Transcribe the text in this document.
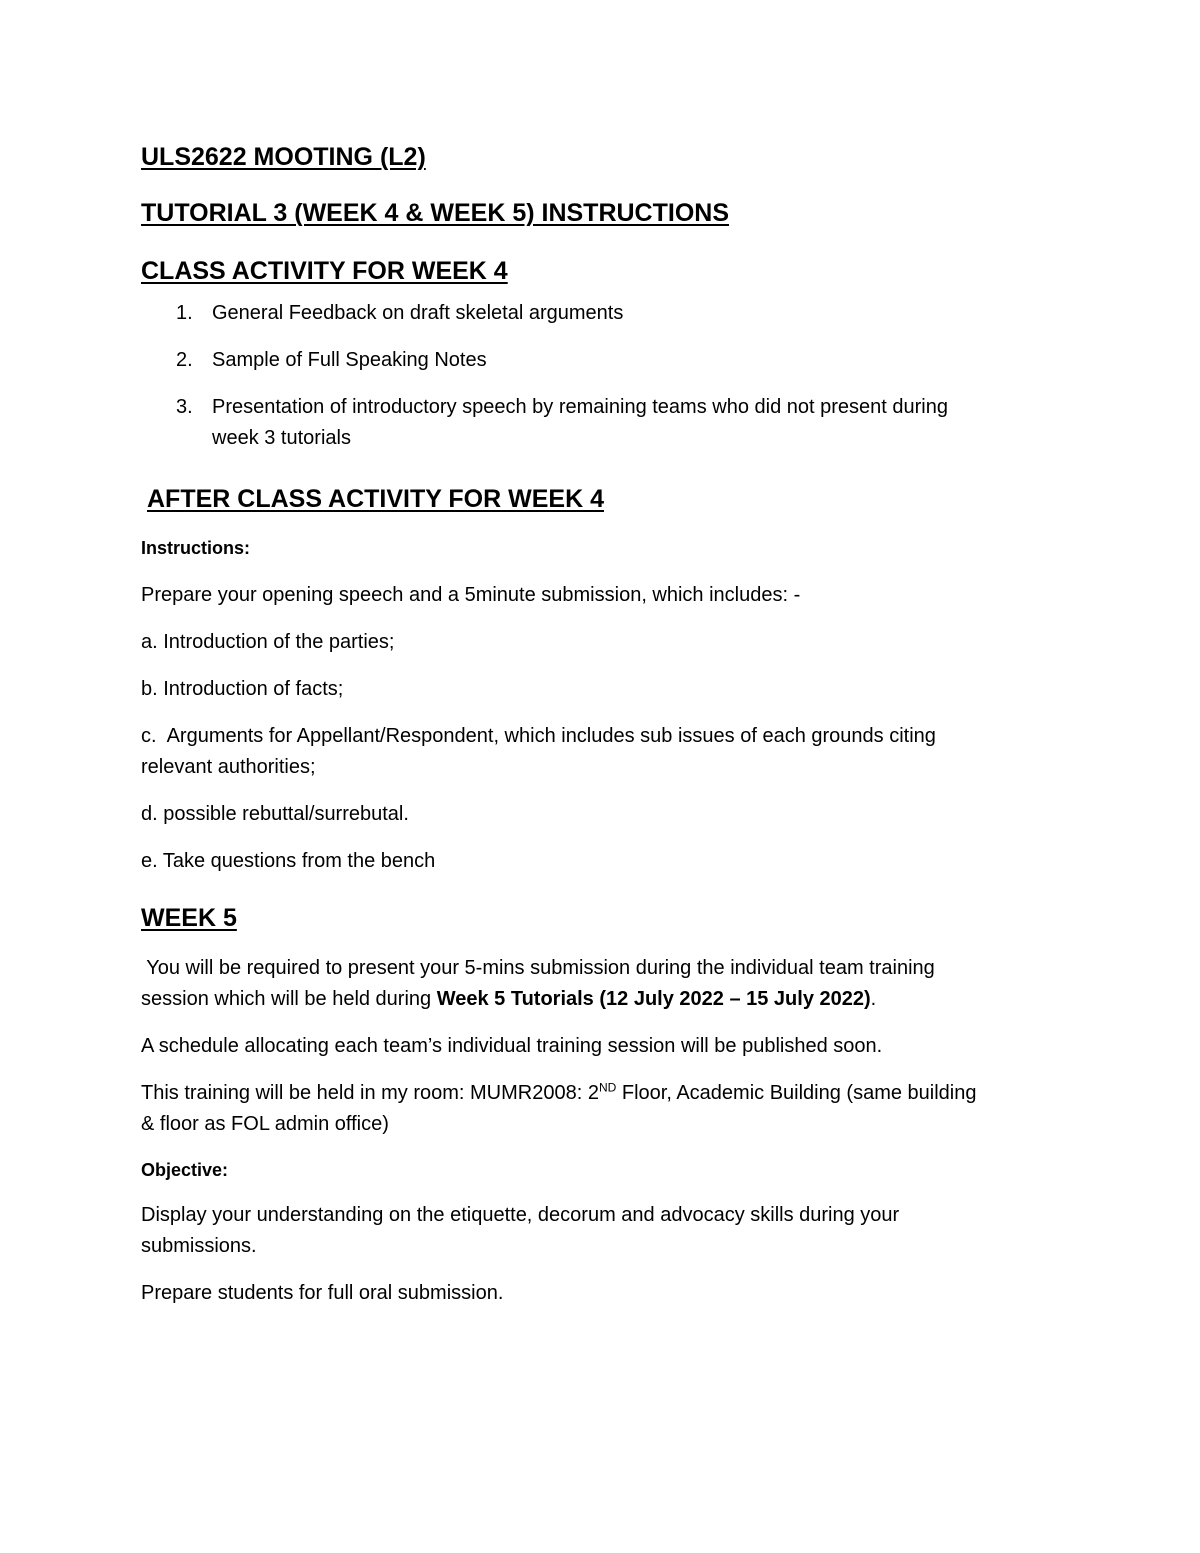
ULS2622 MOOTING (L2)

TUTORIAL 3 (WEEK 4 & WEEK 5) INSTRUCTIONS

CLASS ACTIVITY FOR WEEK 4

1. General Feedback on draft skeletal arguments
2. Sample of Full Speaking Notes
3. Presentation of introductory speech by remaining teams who did not present during
week 3 tutorials

AFTER CLASS ACTIVITY FOR WEEK 4

Instructions:

Prepare your opening speech and a 5minute submission, which includes: -

a. Introduction of the parties;

b. Introduction of facts;

c.  Arguments for Appellant/Respondent, which includes sub issues of each grounds citing
relevant authorities;

d. possible rebuttal/surrebutal.

e. Take questions from the bench

WEEK 5

You will be required to present your 5-mins submission during the individual team training
session which will be held during Week 5 Tutorials (12 July 2022 – 15 July 2022).

A schedule allocating each team’s individual training session will be published soon.

This training will be held in my room: MUMR2008: 2ND Floor, Academic Building (same building
& floor as FOL admin office)

Objective:

Display your understanding on the etiquette, decorum and advocacy skills during your
submissions.

Prepare students for full oral submission.
